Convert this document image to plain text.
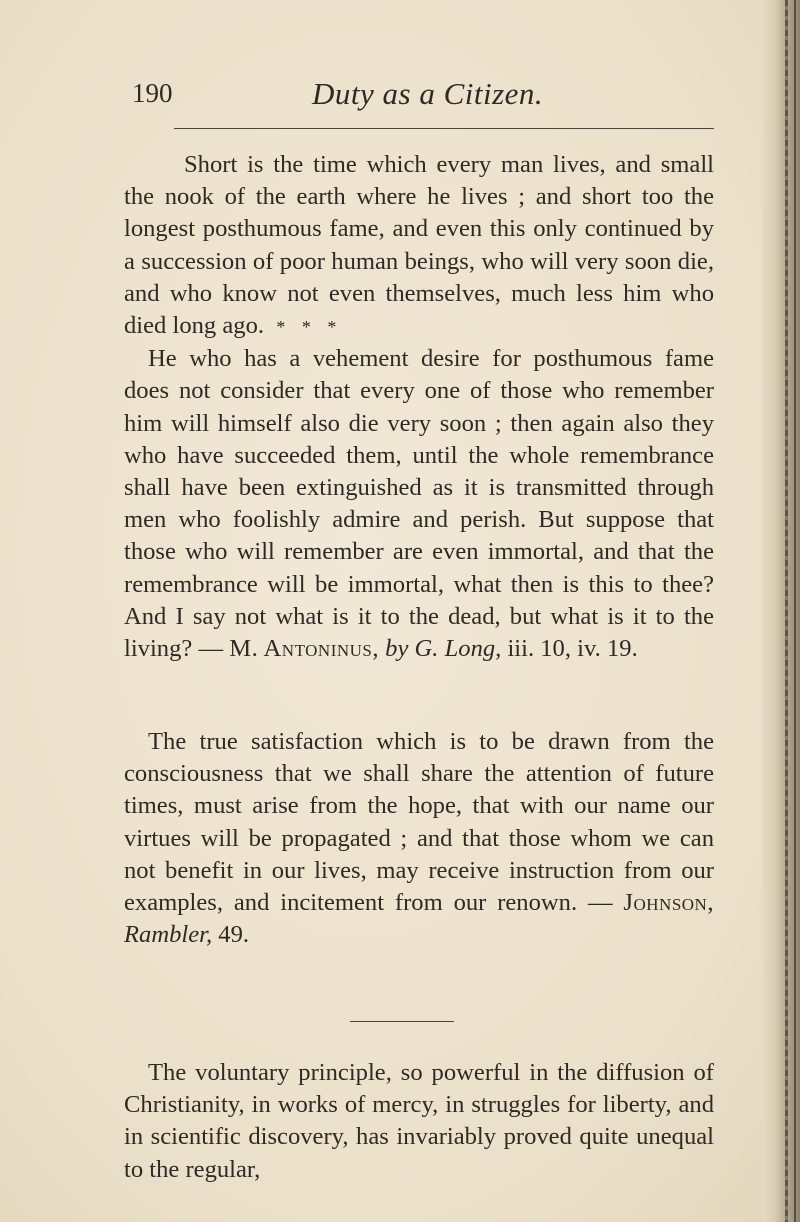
190	Duty as a Citizen.

Short is the time which every man lives, and small the nook of the earth where he lives ; and short too the longest posthumous fame, and even this only continued by a succession of poor human beings, who will very soon die, and who know not even themselves, much less him who died long ago. * * *

He who has a vehement desire for posthumous fame does not consider that every one of those who remember him will himself also die very soon ; then again also they who have succeeded them, until the whole remembrance shall have been extinguished as it is transmitted through men who foolishly admire and perish. But suppose that those who will remember are even immortal, and that the remembrance will be immortal, what then is this to thee? And I say not what is it to the dead, but what is it to the living? — M. Antoninus, by G. Long, iii. 10, iv. 19.

The true satisfaction which is to be drawn from the consciousness that we shall share the attention of future times, must arise from the hope, that with our name our virtues will be propagated ; and that those whom we can not benefit in our lives, may receive instruction from our examples, and incitement from our renown. — Johnson, Rambler, 49.

The voluntary principle, so powerful in the diffusion of Christianity, in works of mercy, in struggles for liberty, and in scientific discovery, has invariably proved quite unequal to the regular,
